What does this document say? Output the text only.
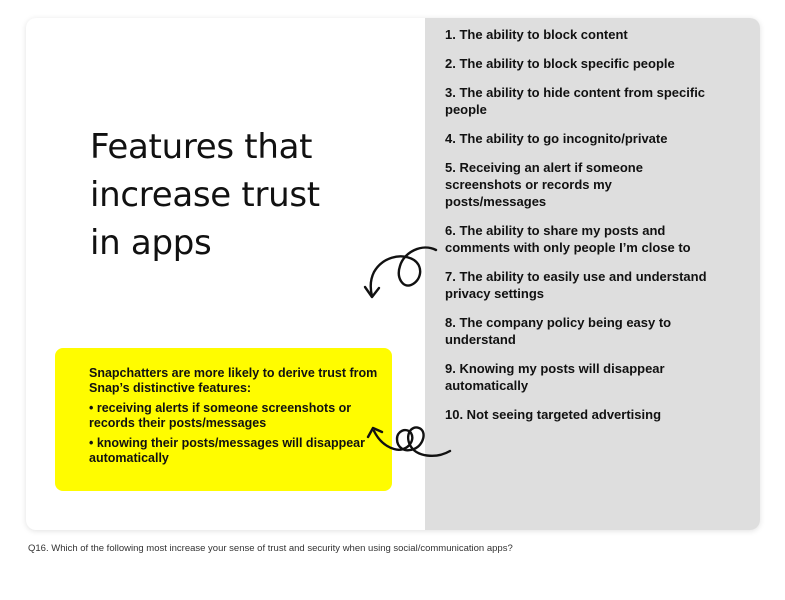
Features that
increase trust
in apps

Snapchatters are more likely to derive trust from Snap’s distinctive features:

• receiving alerts if someone screenshots or records their posts/messages

• knowing their posts/messages will disappear automatically

1. The ability to block content
2. The ability to block specific people
3. The ability to hide content from specific people
4. The ability to go incognito/private
5. Receiving an alert if someone screenshots or records my posts/messages
6. The ability to share my posts and comments with only people I’m close to
7. The ability to easily use and understand privacy settings
8. The company policy being easy to understand
9. Knowing my posts will disappear automatically
10. Not seeing targeted advertising
Q16. Which of the following most increase your sense of trust and security when using social/communication apps?
